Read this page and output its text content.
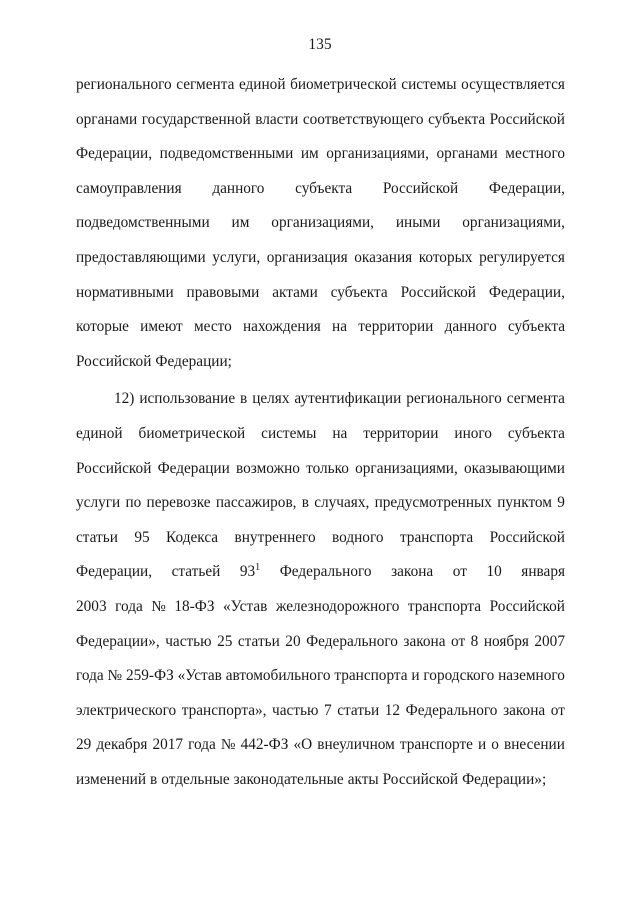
135
регионального сегмента единой биометрической системы осуществляется
органами государственной власти соответствующего субъекта Российской
Федерации, подведомственными им организациями, органами местного
самоуправления данного субъекта Российской Федерации,
подведомственными им организациями, иными организациями,
предоставляющими услуги, организация оказания которых регулируется
нормативными правовыми актами субъекта Российской Федерации,
которые имеют место нахождения на территории данного субъекта
Российской Федерации;
12) использование в целях аутентификации регионального сегмента
единой биометрической системы на территории иного субъекта
Российской Федерации возможно только организациями, оказывающими
услуги по перевозке пассажиров, в случаях, предусмотренных пунктом 9
статьи 95 Кодекса внутреннего водного транспорта Российской
Федерации, статьей $93^1$ Федерального закона от 10 января
2003 года № 18-ФЗ «Устав железнодорожного транспорта Российской
Федерации», частью 25 статьи 20 Федерального закона от 8 ноября 2007
года № 259-ФЗ «Устав автомобильного транспорта и городского наземного
электрического транспорта», частью 7 статьи 12 Федерального закона от
29 декабря 2017 года № 442-ФЗ «О внеуличном транспорте и о внесении
изменений в отдельные законодательные акты Российской Федерации»;
